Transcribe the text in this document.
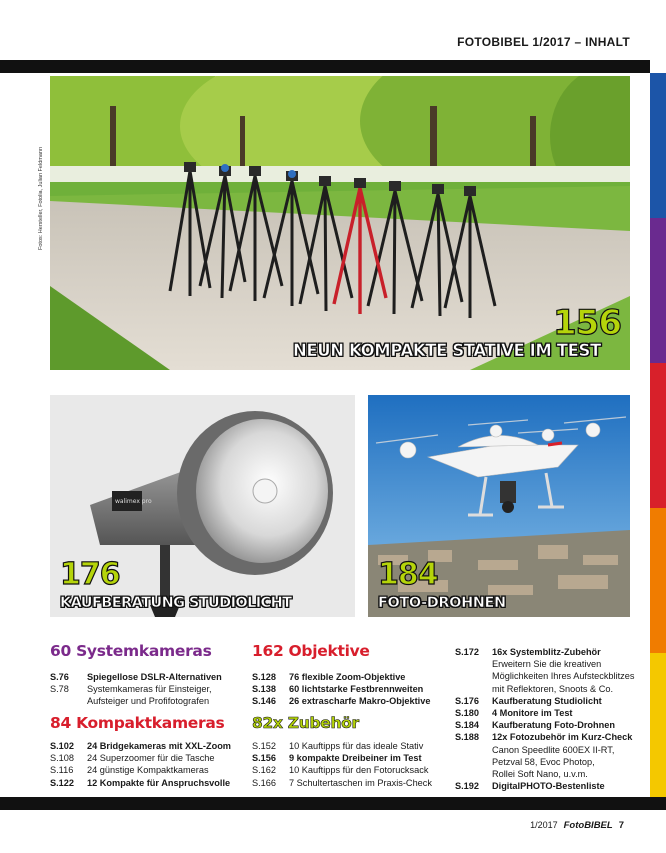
FOTOBIBEL 1/2017 – INHALT
Fotos: Hersteller, Fotolia, Julian Feldmann
156
NEUN KOMPAKTE STATIVE IM TEST
walimex pro
176
KAUFBERATUNG STUDIOLICHT
184
FOTO-DROHNEN
60 Systemkameras
S.76	Spiegellose DSLR-Alternativen
S.78	Systemkameras für Einsteiger,
Aufsteiger und Profifotografen
84 Kompaktkameras
S.102	24 Bridgekameras mit XXL-Zoom
S.108	24 Superzoomer für die Tasche
S.116	24 günstige Kompaktkameras
S.122	12 Kompakte für Anspruchsvolle
162 Objektive
S.128	76 flexible Zoom-Objektive
S.138	60 lichtstarke Festbrennweiten
S.146	26 extrascharfe Makro-Objektive
82x Zubehör
S.152	10 Kauftipps für das ideale Stativ
S.156	9 kompakte Dreibeiner im Test
S.162	10 Kauftipps für den Fotorucksack
S.166	7 Schultertaschen im Praxis-Check
S.172	16x Systemblitz-Zubehör
Erweitern Sie die kreativen
Möglichkeiten Ihres Aufsteckblitzes
mit Reflektoren, Snoots & Co.
S.176	Kaufberatung Studiolicht
S.180	4 Monitore im Test
S.184	Kaufberatung Foto-Drohnen
S.188	12x Fotozubehör im Kurz-Check
Canon Speedlite 600EX II-RT,
Petzval 58, Evoc Photop,
Rollei Soft Nano, u.v.m.
S.192	DigitalPHOTO-Bestenliste
1/2017 FotoBIBEL 7
